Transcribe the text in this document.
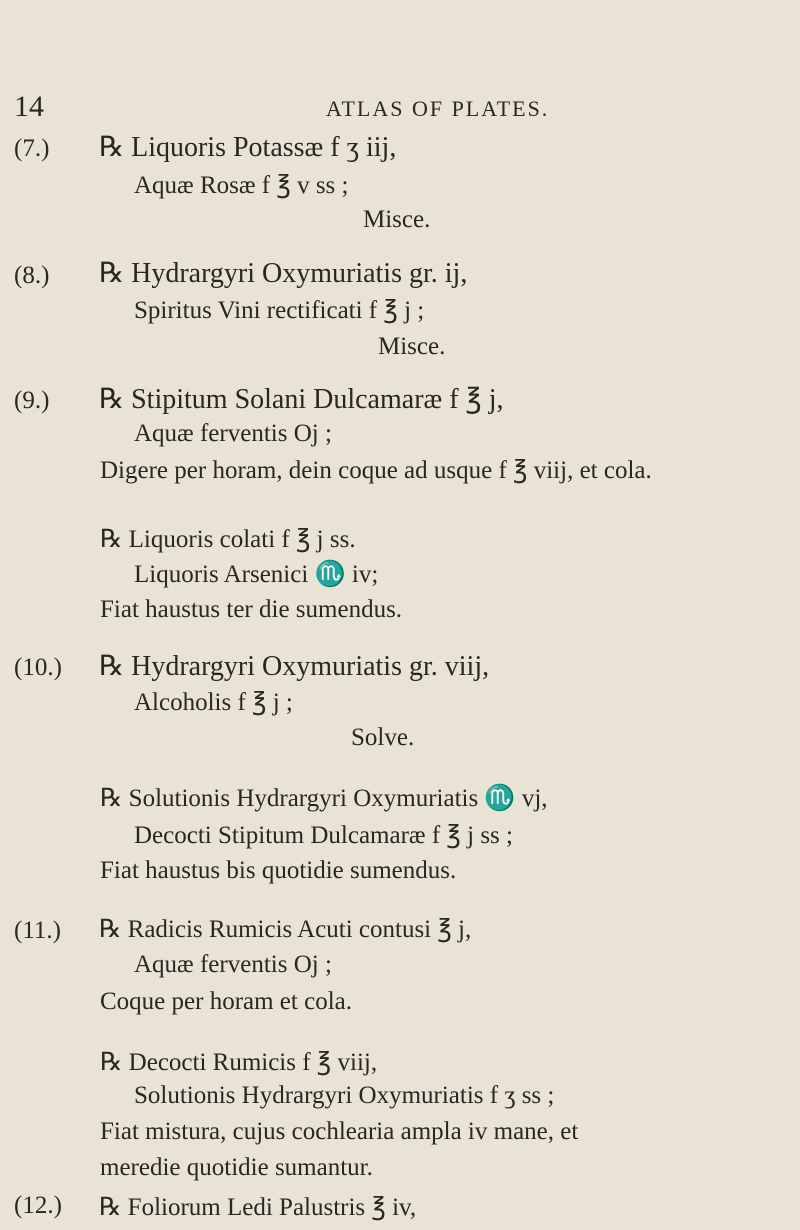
14	ATLAS OF PLATES.
(7.) ℞ Liquoris Potassæ f ʒ iij,
Aquæ Rosæ f ℥ v ss ;
Misce.
(8.) ℞ Hydrargyri Oxymuriatis gr. ij,
Spiritus Vini rectificati f ℥ j ;
Misce.
(9.) ℞ Stipitum Solani Dulcamaræ f ℥ j,
Aquæ ferventis Oj ;
Digere per horam, dein coque ad usque f ℥ viij, et cola.
℞ Liquoris colati f ℥ j ss.
Liquoris Arsenici ♏ iv;
Fiat haustus ter die sumendus.
(10.) ℞ Hydrargyri Oxymuriatis gr. viij,
Alcoholis f ℥ j ;
Solve.
℞ Solutionis Hydrargyri Oxymuriatis ♏ vj,
Decocti Stipitum Dulcamaræ f ℥ j ss ;
Fiat haustus bis quotidie sumendus.
(11.) ℞ Radicis Rumicis Acuti contusi ℥ j,
Aquæ ferventis Oj ;
Coque per horam et cola.
℞ Decocti Rumicis f ℥ viij,
Solutionis Hydrargyri Oxymuriatis f ʒ ss ;
Fiat mistura, cujus cochlearia ampla iv mane, et
meredie quotidie sumantur.
(12.) ℞ Foliorum Ledi Palustris ℥ iv,
